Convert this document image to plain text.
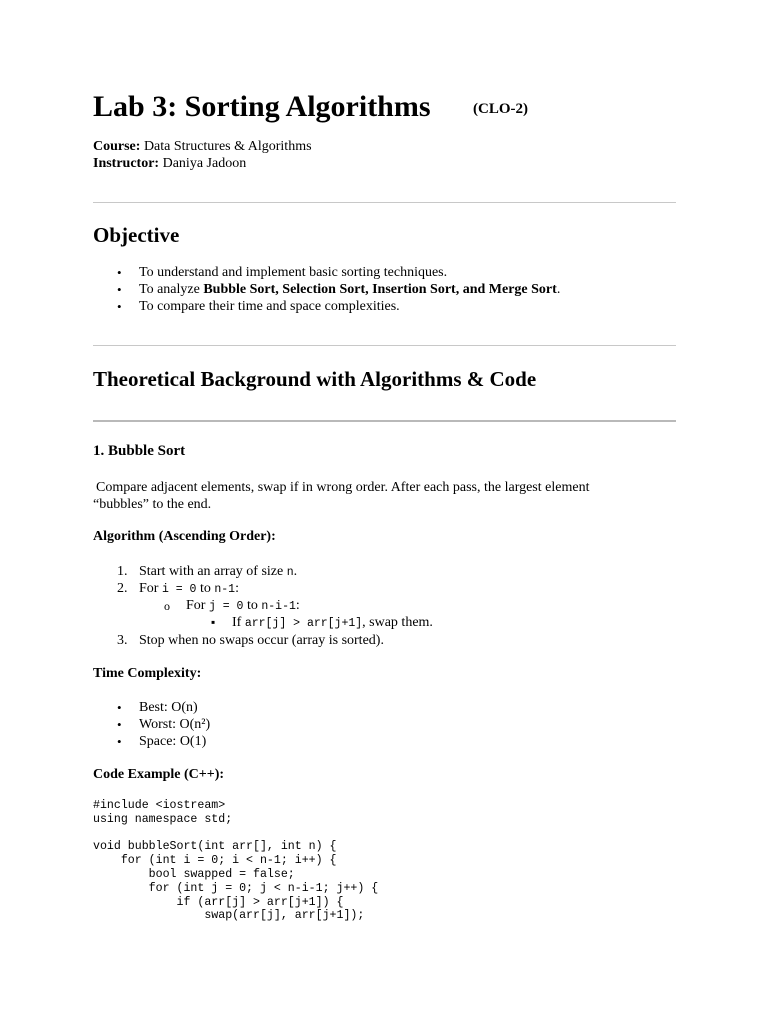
Lab 3: Sorting Algorithms	(CLO-2)
Course: Data Structures & Algorithms
Instructor: Daniya Jadoon
Objective
• To understand and implement basic sorting techniques.
• To analyze Bubble Sort, Selection Sort, Insertion Sort, and Merge Sort.
• To compare their time and space complexities.
Theoretical Background with Algorithms & Code
1. Bubble Sort
Compare adjacent elements, swap if in wrong order. After each pass, the largest element
“bubbles” to the end.
Algorithm (Ascending Order):
1. Start with an array of size n.
2. For i = 0 to n-1:
o For j = 0 to n-i-1:
▪ If arr[j] > arr[j+1], swap them.
3. Stop when no swaps occur (array is sorted).
Time Complexity:
• Best: O(n)
• Worst: O(n²)
• Space: O(1)
Code Example (C++):
#include <iostream>
using namespace std;

void bubbleSort(int arr[], int n) {
for (int i = 0; i < n-1; i++) {
bool swapped = false;
for (int j = 0; j < n-i-1; j++) {
if (arr[j] > arr[j+1]) {
swap(arr[j], arr[j+1]);
